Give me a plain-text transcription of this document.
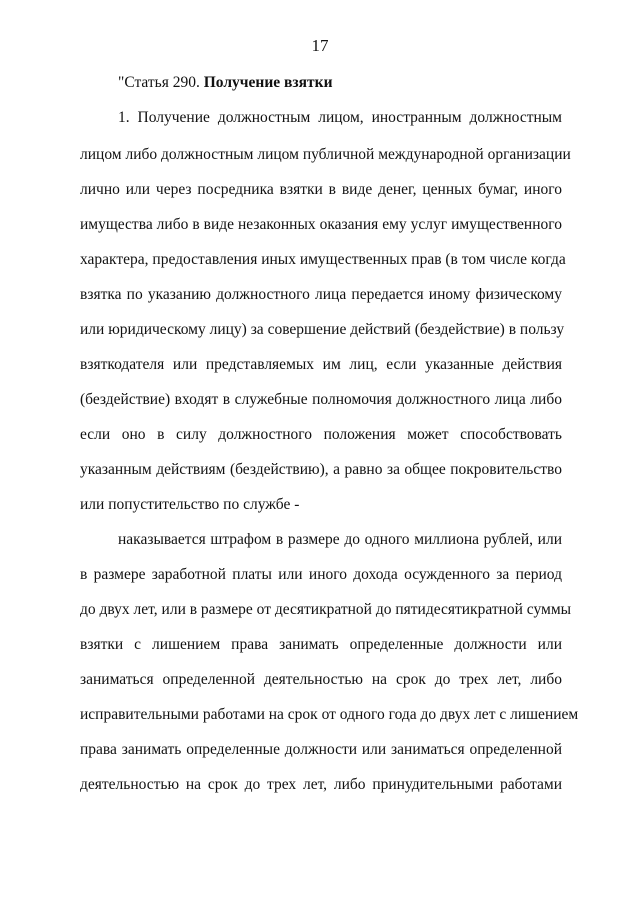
17
"Статья 290. Получение взятки
1. Получение должностным лицом, иностранным должностным
лицом либо должностным лицом публичной международной организации
лично или через посредника взятки в виде денег, ценных бумаг, иного
имущества либо в виде незаконных оказания ему услуг имущественного
характера, предоставления иных имущественных прав (в том числе когда
взятка по указанию должностного лица передается иному физическому
или юридическому лицу) за совершение действий (бездействие) в пользу
взяткодателя или представляемых им лиц, если указанные действия
(бездействие) входят в служебные полномочия должностного лица либо
если оно в силу должностного положения может способствовать
указанным действиям (бездействию), а равно за общее покровительство
или попустительство по службе -
наказывается штрафом в размере до одного миллиона рублей, или
в размере заработной платы или иного дохода осужденного за период
до двух лет, или в размере от десятикратной до пятидесятикратной суммы
взятки с лишением права занимать определенные должности или
заниматься определенной деятельностью на срок до трех лет, либо
исправительными работами на срок от одного года до двух лет с лишением
права занимать определенные должности или заниматься определенной
деятельностью на срок до трех лет, либо принудительными работами
